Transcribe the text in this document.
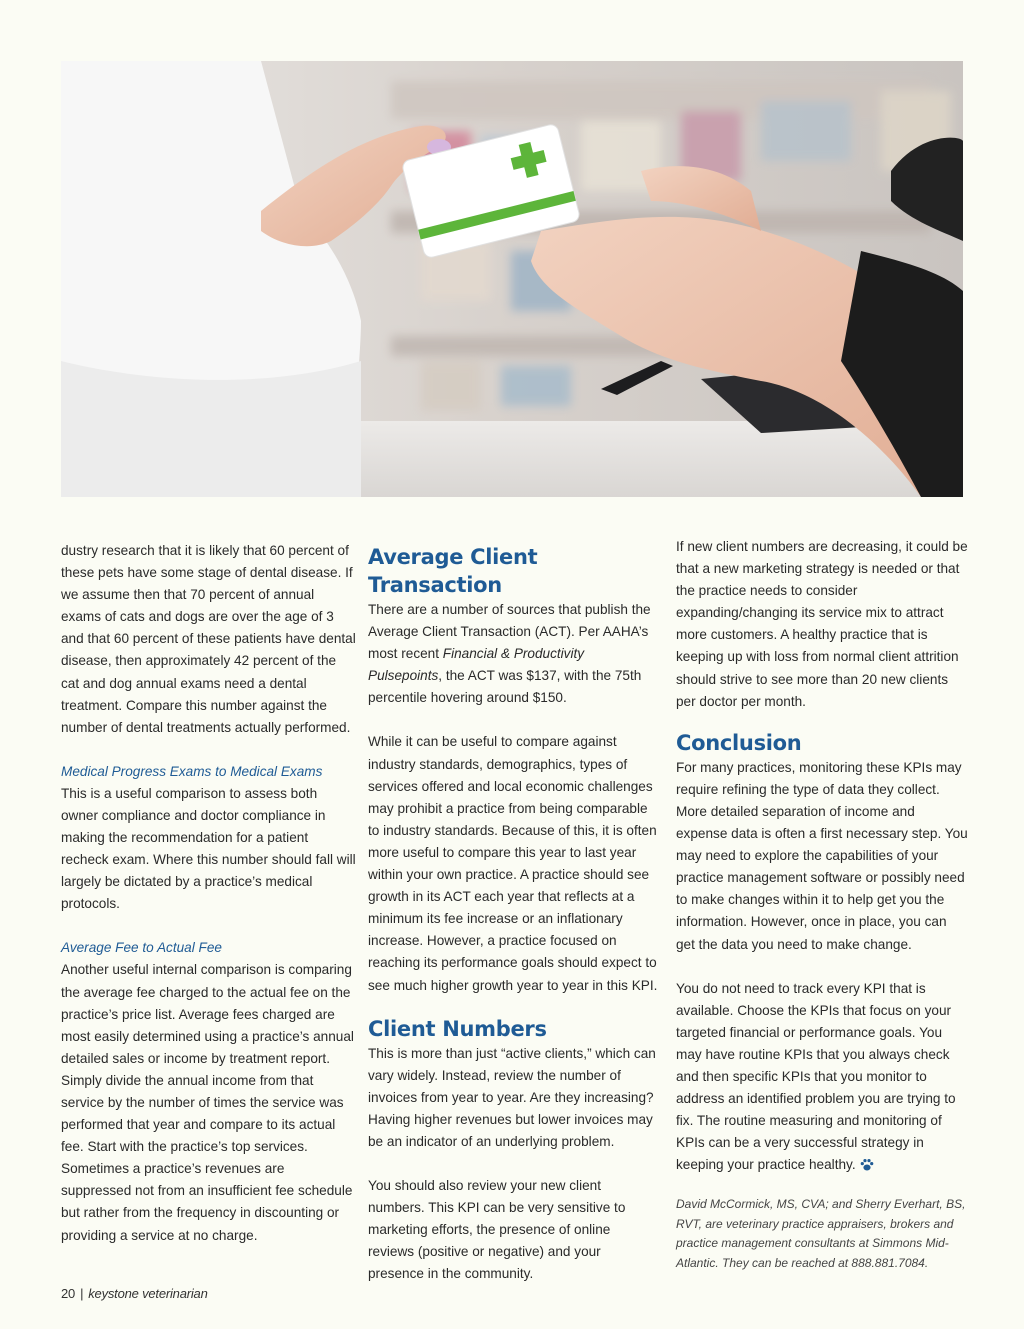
dustry research that it is likely that 60 percent of these pets have some stage of dental disease. If we assume then that 70 percent of annual exams of cats and dogs are over the age of 3 and that 60 percent of these patients have dental disease, then approximately 42 percent of the cat and dog annual exams need a dental treatment. Compare this number against the number of dental treatments actually performed.

Medical Progress Exams to Medical Exams

This is a useful comparison to assess both owner compliance and doctor compliance in making the recommendation for a patient recheck exam. Where this number should fall will largely be dictated by a practice’s medical protocols.

Average Fee to Actual Fee

Another useful internal comparison is comparing the average fee charged to the actual fee on the practice’s price list. Average fees charged are most easily determined using a practice’s annual detailed sales or income by treatment report. Simply divide the annual income from that service by the number of times the service was performed that year and compare to its actual fee. Start with the practice’s top services. Sometimes a practice’s revenues are suppressed not from an insufficient fee schedule but rather from the frequency in discounting or providing a service at no charge.

Average Client Transaction

There are a number of sources that publish the Average Client Transaction (ACT). Per AAHA’s most recent Financial & Productivity Pulsepoints, the ACT was $137, with the 75th percentile hovering around $150.

While it can be useful to compare against industry standards, demographics, types of services offered and local economic challenges may prohibit a practice from being comparable to industry standards. Because of this, it is often more useful to compare this year to last year within your own practice. A practice should see growth in its ACT each year that reflects at a minimum its fee increase or an inflationary increase. However, a practice focused on reaching its performance goals should expect to see much higher growth year to year in this KPI.

Client Numbers

This is more than just “active clients,” which can vary widely. Instead, review the number of invoices from year to year. Are they increasing? Having higher revenues but lower invoices may be an indicator of an underlying problem.

You should also review your new client numbers. This KPI can be very sensitive to marketing efforts, the presence of online reviews (positive or negative) and your presence in the community.

If new client numbers are decreasing, it could be that a new marketing strategy is needed or that the practice needs to consider expanding/changing its service mix to attract more customers. A healthy practice that is keeping up with loss from normal client attrition should strive to see more than 20 new clients per doctor per month.

Conclusion

For many practices, monitoring these KPIs may require refining the type of data they collect. More detailed separation of income and expense data is often a first necessary step. You may need to explore the capabilities of your practice management software or possibly need to make changes within it to help get you the information. However, once in place, you can get the data you need to make change.

You do not need to track every KPI that is available. Choose the KPIs that focus on your targeted financial or performance goals. You may have routine KPIs that you always check and then specific KPIs that you monitor to address an identified problem you are trying to fix. The routine measuring and monitoring of KPIs can be a very successful strategy in keeping your practice healthy.

David McCormick, MS, CVA; and Sherry Everhart, BS, RVT, are veterinary practice appraisers, brokers and practice management consultants at Simmons Mid-Atlantic. They can be reached at 888.881.7084.

20 | keystone veterinarian
